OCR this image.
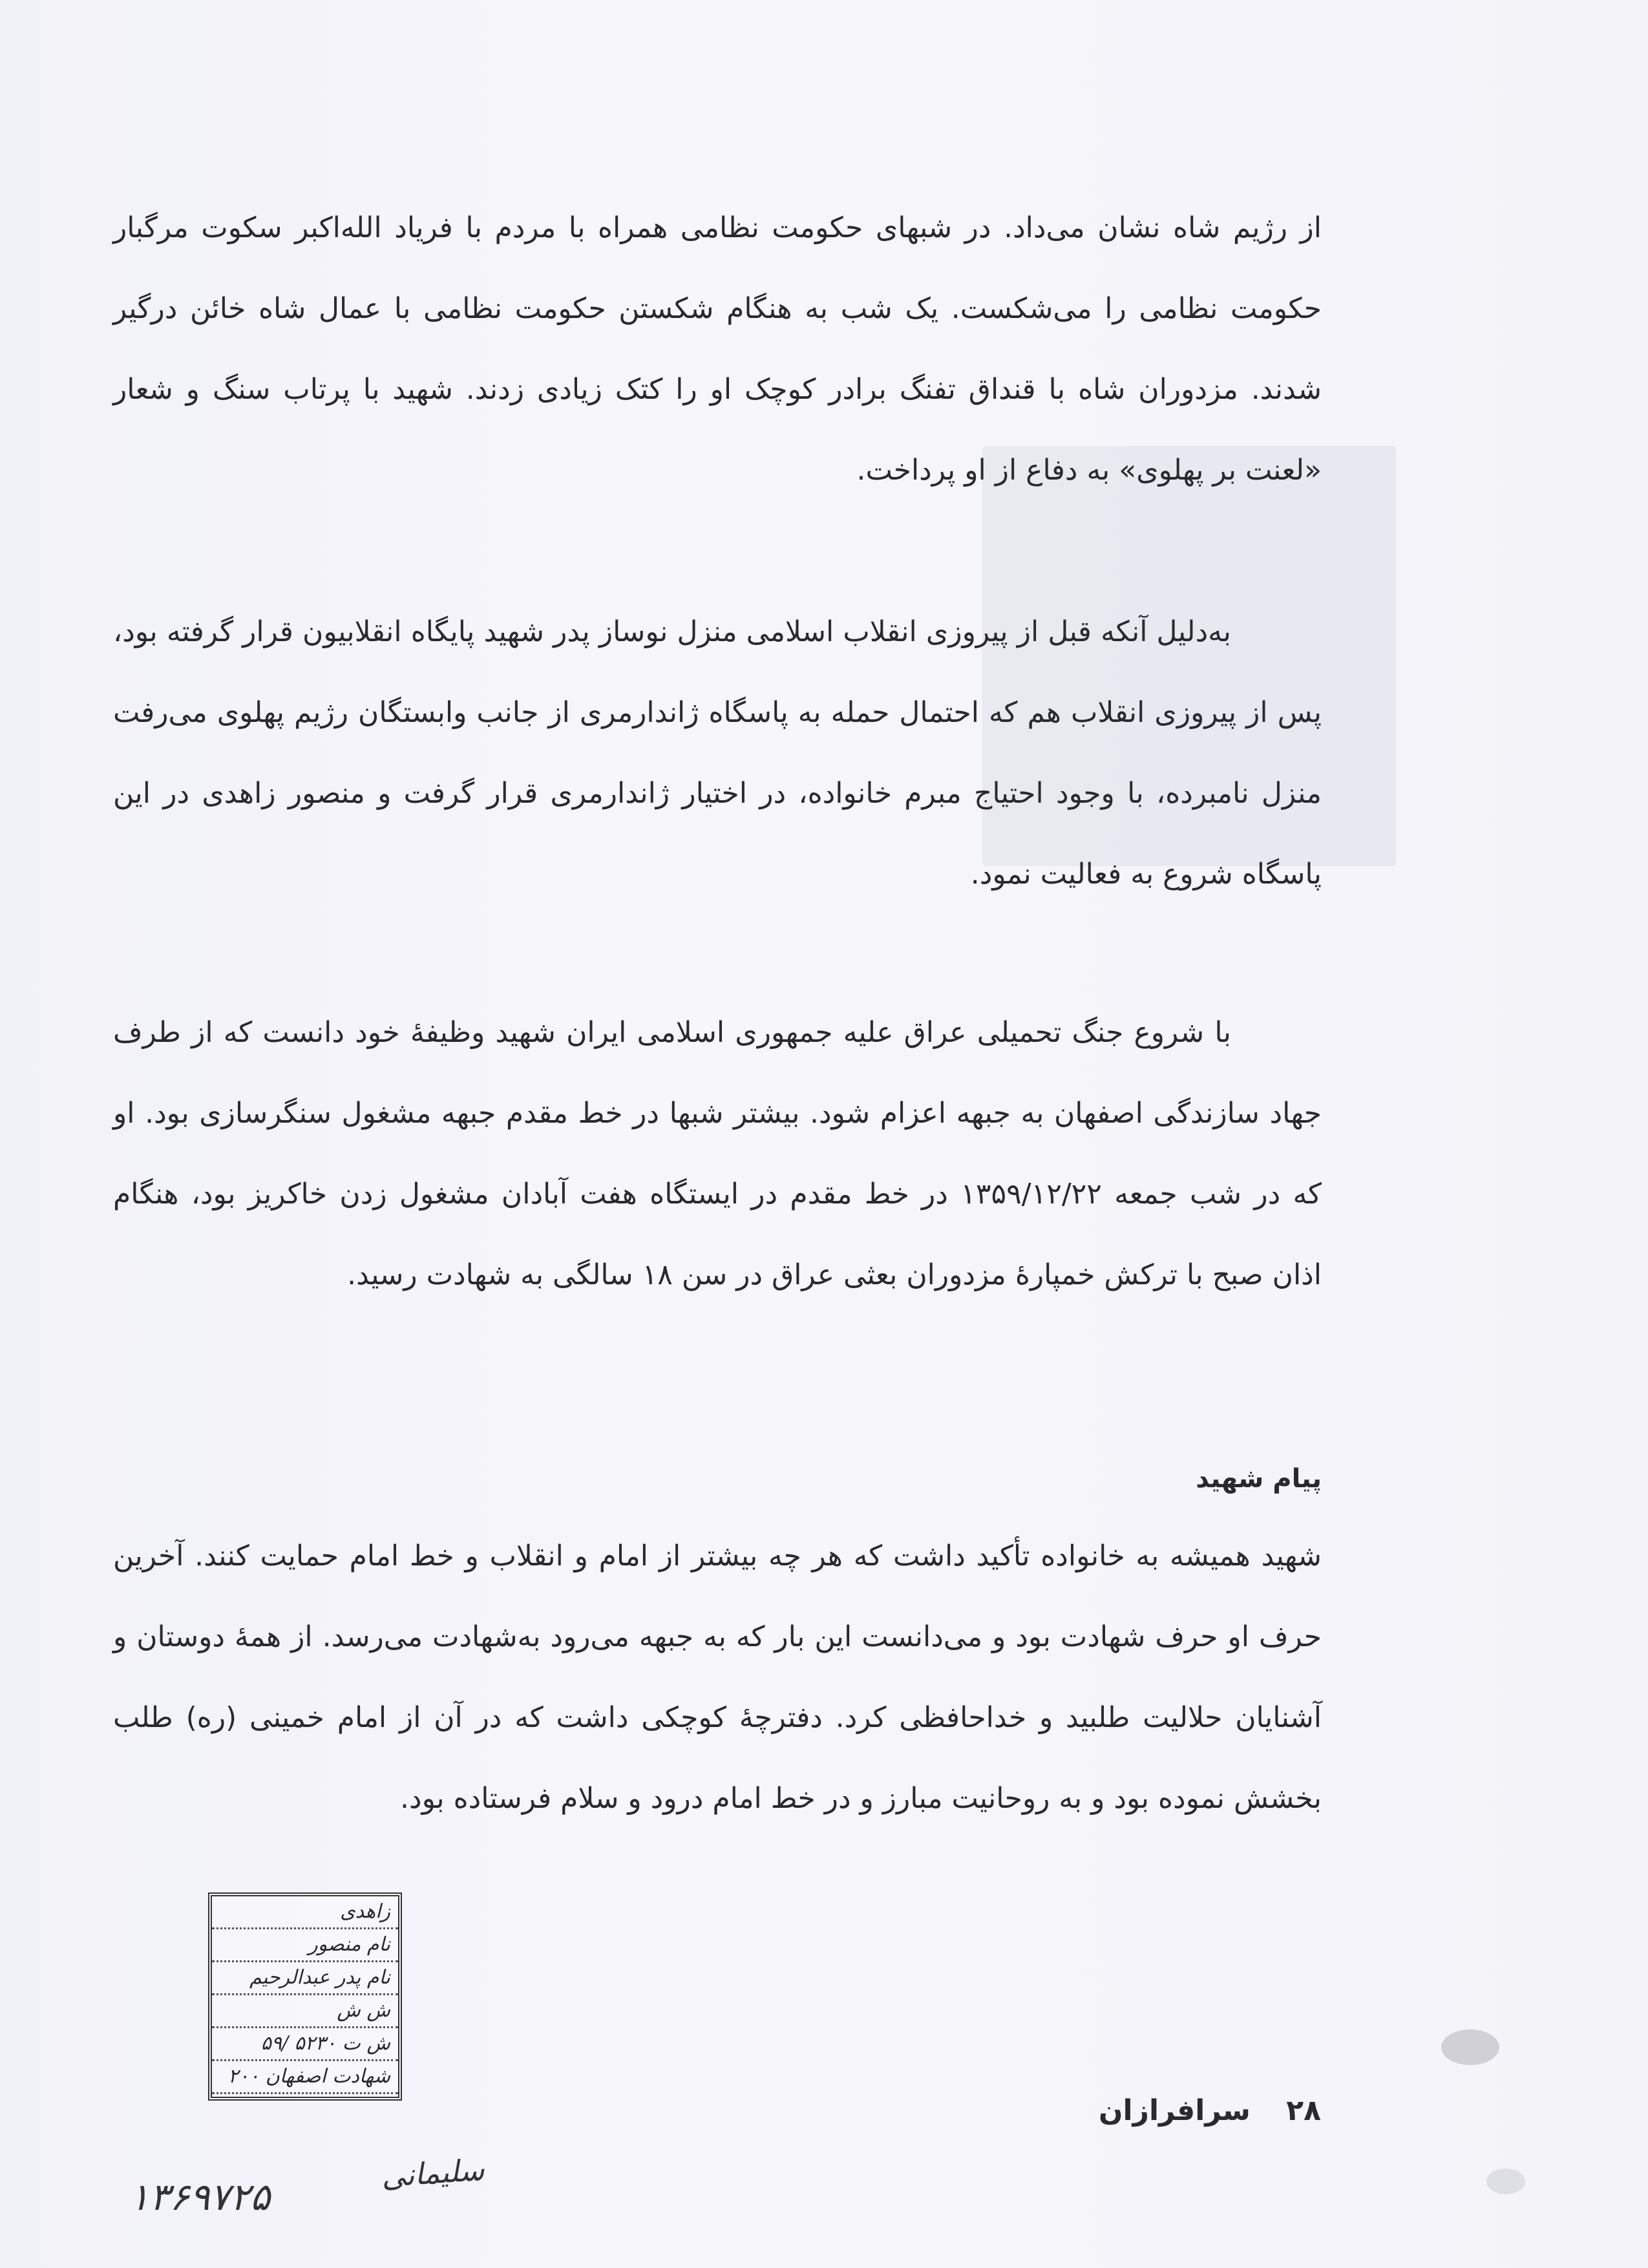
از رژیم شاه نشان می‌داد. در شبهای حکومت نظامی همراه با مردم با فریاد الله‌اکبر سکوت مرگبار حکومت نظامی را می‌شکست. یک شب به هنگام شکستن حکومت نظامی با عمال شاه خائن درگیر شدند. مزدوران شاه با قنداق تفنگ برادر کوچک او را کتک زیادی زدند. شهید با پرتاب سنگ و شعار «لعنت بر پهلوی» به دفاع از او پرداخت.

به‌دلیل آنکه قبل از پیروزی انقلاب اسلامی منزل نوساز پدر شهید پایگاه انقلابیون قرار گرفته بود، پس از پیروزی انقلاب هم که احتمال حمله به پاسگاه ژاندارمری از جانب وابستگان رژیم پهلوی می‌رفت منزل نامبرده، با وجود احتیاج مبرم خانواده، در اختیار ژاندارمری قرار گرفت و منصور زاهدی در این پاسگاه شروع به فعالیت نمود.

با شروع جنگ تحمیلی عراق علیه جمهوری اسلامی ایران شهید وظیفهٔ خود دانست که از طرف جهاد سازندگی اصفهان به جبهه اعزام شود. بیشتر شبها در خط مقدم جبهه مشغول سنگرسازی بود. او که در شب جمعه ۱۳۵۹/۱۲/۲۲ در خط مقدم در ایستگاه هفت آبادان مشغول زدن خاکریز بود، هنگام اذان صبح با ترکش خمپارهٔ مزدوران بعثی عراق در سن ۱۸ سالگی به شهادت رسید.

پیام شهید

شهید همیشه به خانواده تأکید داشت که هر چه بیشتر از امام و انقلاب و خط امام حمایت کنند. آخرین حرف او حرف شهادت بود و می‌دانست این بار که به جبهه می‌رود به‌شهادت می‌رسد. از همهٔ دوستان و آشنایان حلالیت طلبید و خداحافظی کرد. دفترچهٔ کوچکی داشت که در آن از امام خمینی (ره) طلب بخشش نموده بود و به روحانیت مبارز و در خط امام درود و سلام فرستاده بود.

زاهدی
نام منصور
نام پدر عبدالرحیم
ش ش
ش ت ۵۲۳۰ /۵۹
شهادت اصفهان ۲۰۰
۲۸ سرافرازان
۱۳۶۹۷۲۵
سلیمانی
